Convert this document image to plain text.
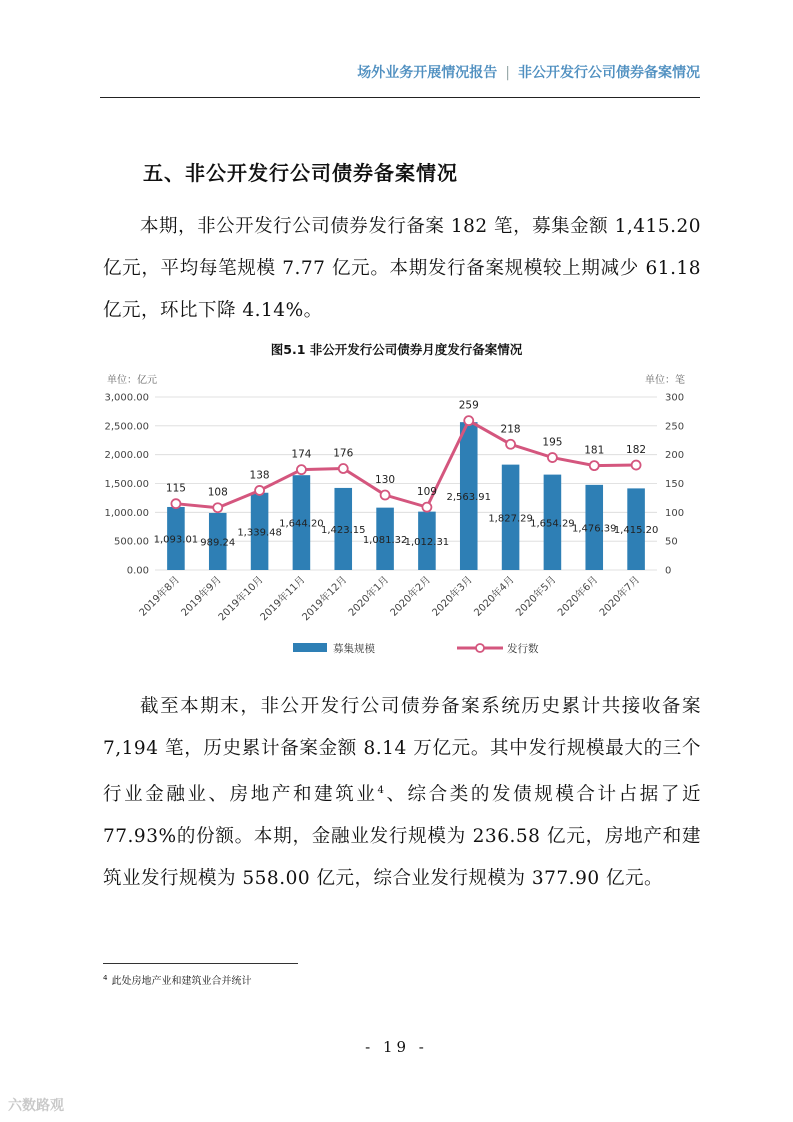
场外业务开展情况报告 | 非公开发行公司债券备案情况
五、非公开发行公司债券备案情况

本期，非公开发行公司债券发行备案 182 笔，募集金额 1,415.20 亿元，平均每笔规模 7.77 亿元。本期发行备案规模较上期减少 61.18 亿元，环比下降 4.14%。

图5.1 非公开发行公司债券月度发行备案情况
单位：亿元	单位：笔
0.00
500.00
1,000.00
1,500.00
2,000.00
2,500.00
3,000.00
0
50
100
150
200
250
300
1,093.01 989.24
1,339.48
1,644.20
1,423.15
1,081.32
1,012.31
2,563.91
1,827.29
1,654.29
1,476.39
1,415.20
115 108
138
174 176
130
109
259
218
195
181 182
2019年8月
2019年9月
2019年10月
2019年11月
2019年12月
2020年1月
2020年2月
2020年3月
2020年4月
2020年5月
2020年6月
2020年7月
募集规模	发行数

截至本期末，非公开发行公司债券备案系统历史累计共接收备案 7,194 笔，历史累计备案金额 8.14 万亿元。其中发行规模最大的三个行业金融业、房地产和建筑业$^4$、综合类的发债规模合计占据了近 77.93%的份额。本期，金融业发行规模为 236.58 亿元，房地产和建筑业发行规模为 558.00 亿元，综合业发行规模为 377.90 亿元。

$^4$ 此处房地产业和建筑业合并统计
- 19 -
六数路观
